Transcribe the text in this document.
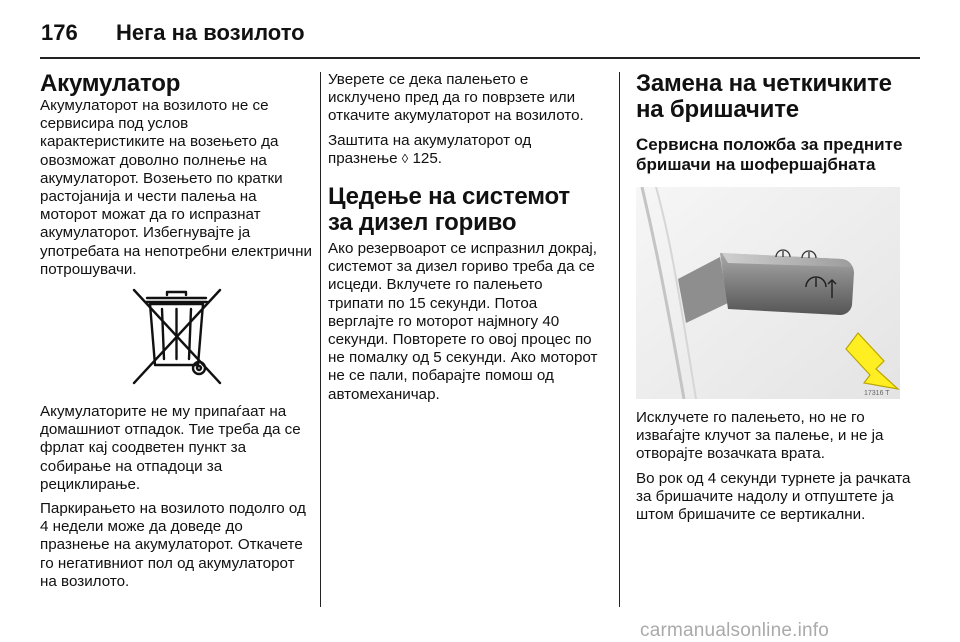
176 Нега на возилото
Акумулатор

Акумулаторот на возилото не се сервисира под услов карактеристиките на возењето да овозможат доволно полнење на акумулаторот. Возењето по кратки растојанија и чести палења на моторот можат да го испразнат акумулаторот. Избегнувајте ја употребата на непотребни електрични потрошувачи.

Акумулаторите не му припаѓаат на домашниот отпадок. Тие треба да се фрлат кај соодветен пункт за собирање на отпадоци за рециклирање.

Паркирањето на возилото подолго од 4 недели може да доведе до празнење на акумулаторот. Откачете го негативниот пол од акумулаторот на возилото.

Уверете се дека палењето е исклучено пред да го поврзете или откачите акумулаторот на возилото.

Заштита на акумулаторот од празнење ◊ 125.

Цедење на системот за дизел гориво

Ако резервоарот се испразнил докрај, системот за дизел гориво треба да се исцеди. Вклучете го палењето трипати по 15 секунди. Потоа верглајте го моторот најмногу 40 секунди. Повторете го овој процес по не помалку од 5 секунди. Ако моторот не се пали, побарајте помош од автомеханичар.

Замена на четкичките на бришачите
Сервисна положба за предните бришачи на шофершајбната
17316 T

Исклучете го палењето, но не го изваѓајте клучот за палење, и не ја отворајте возачката врата.

Во рок од 4 секунди турнете ја рачката за бришачите надолу и отпуштете ја штом бришачите се вертикални.

carmanualsonline.info
